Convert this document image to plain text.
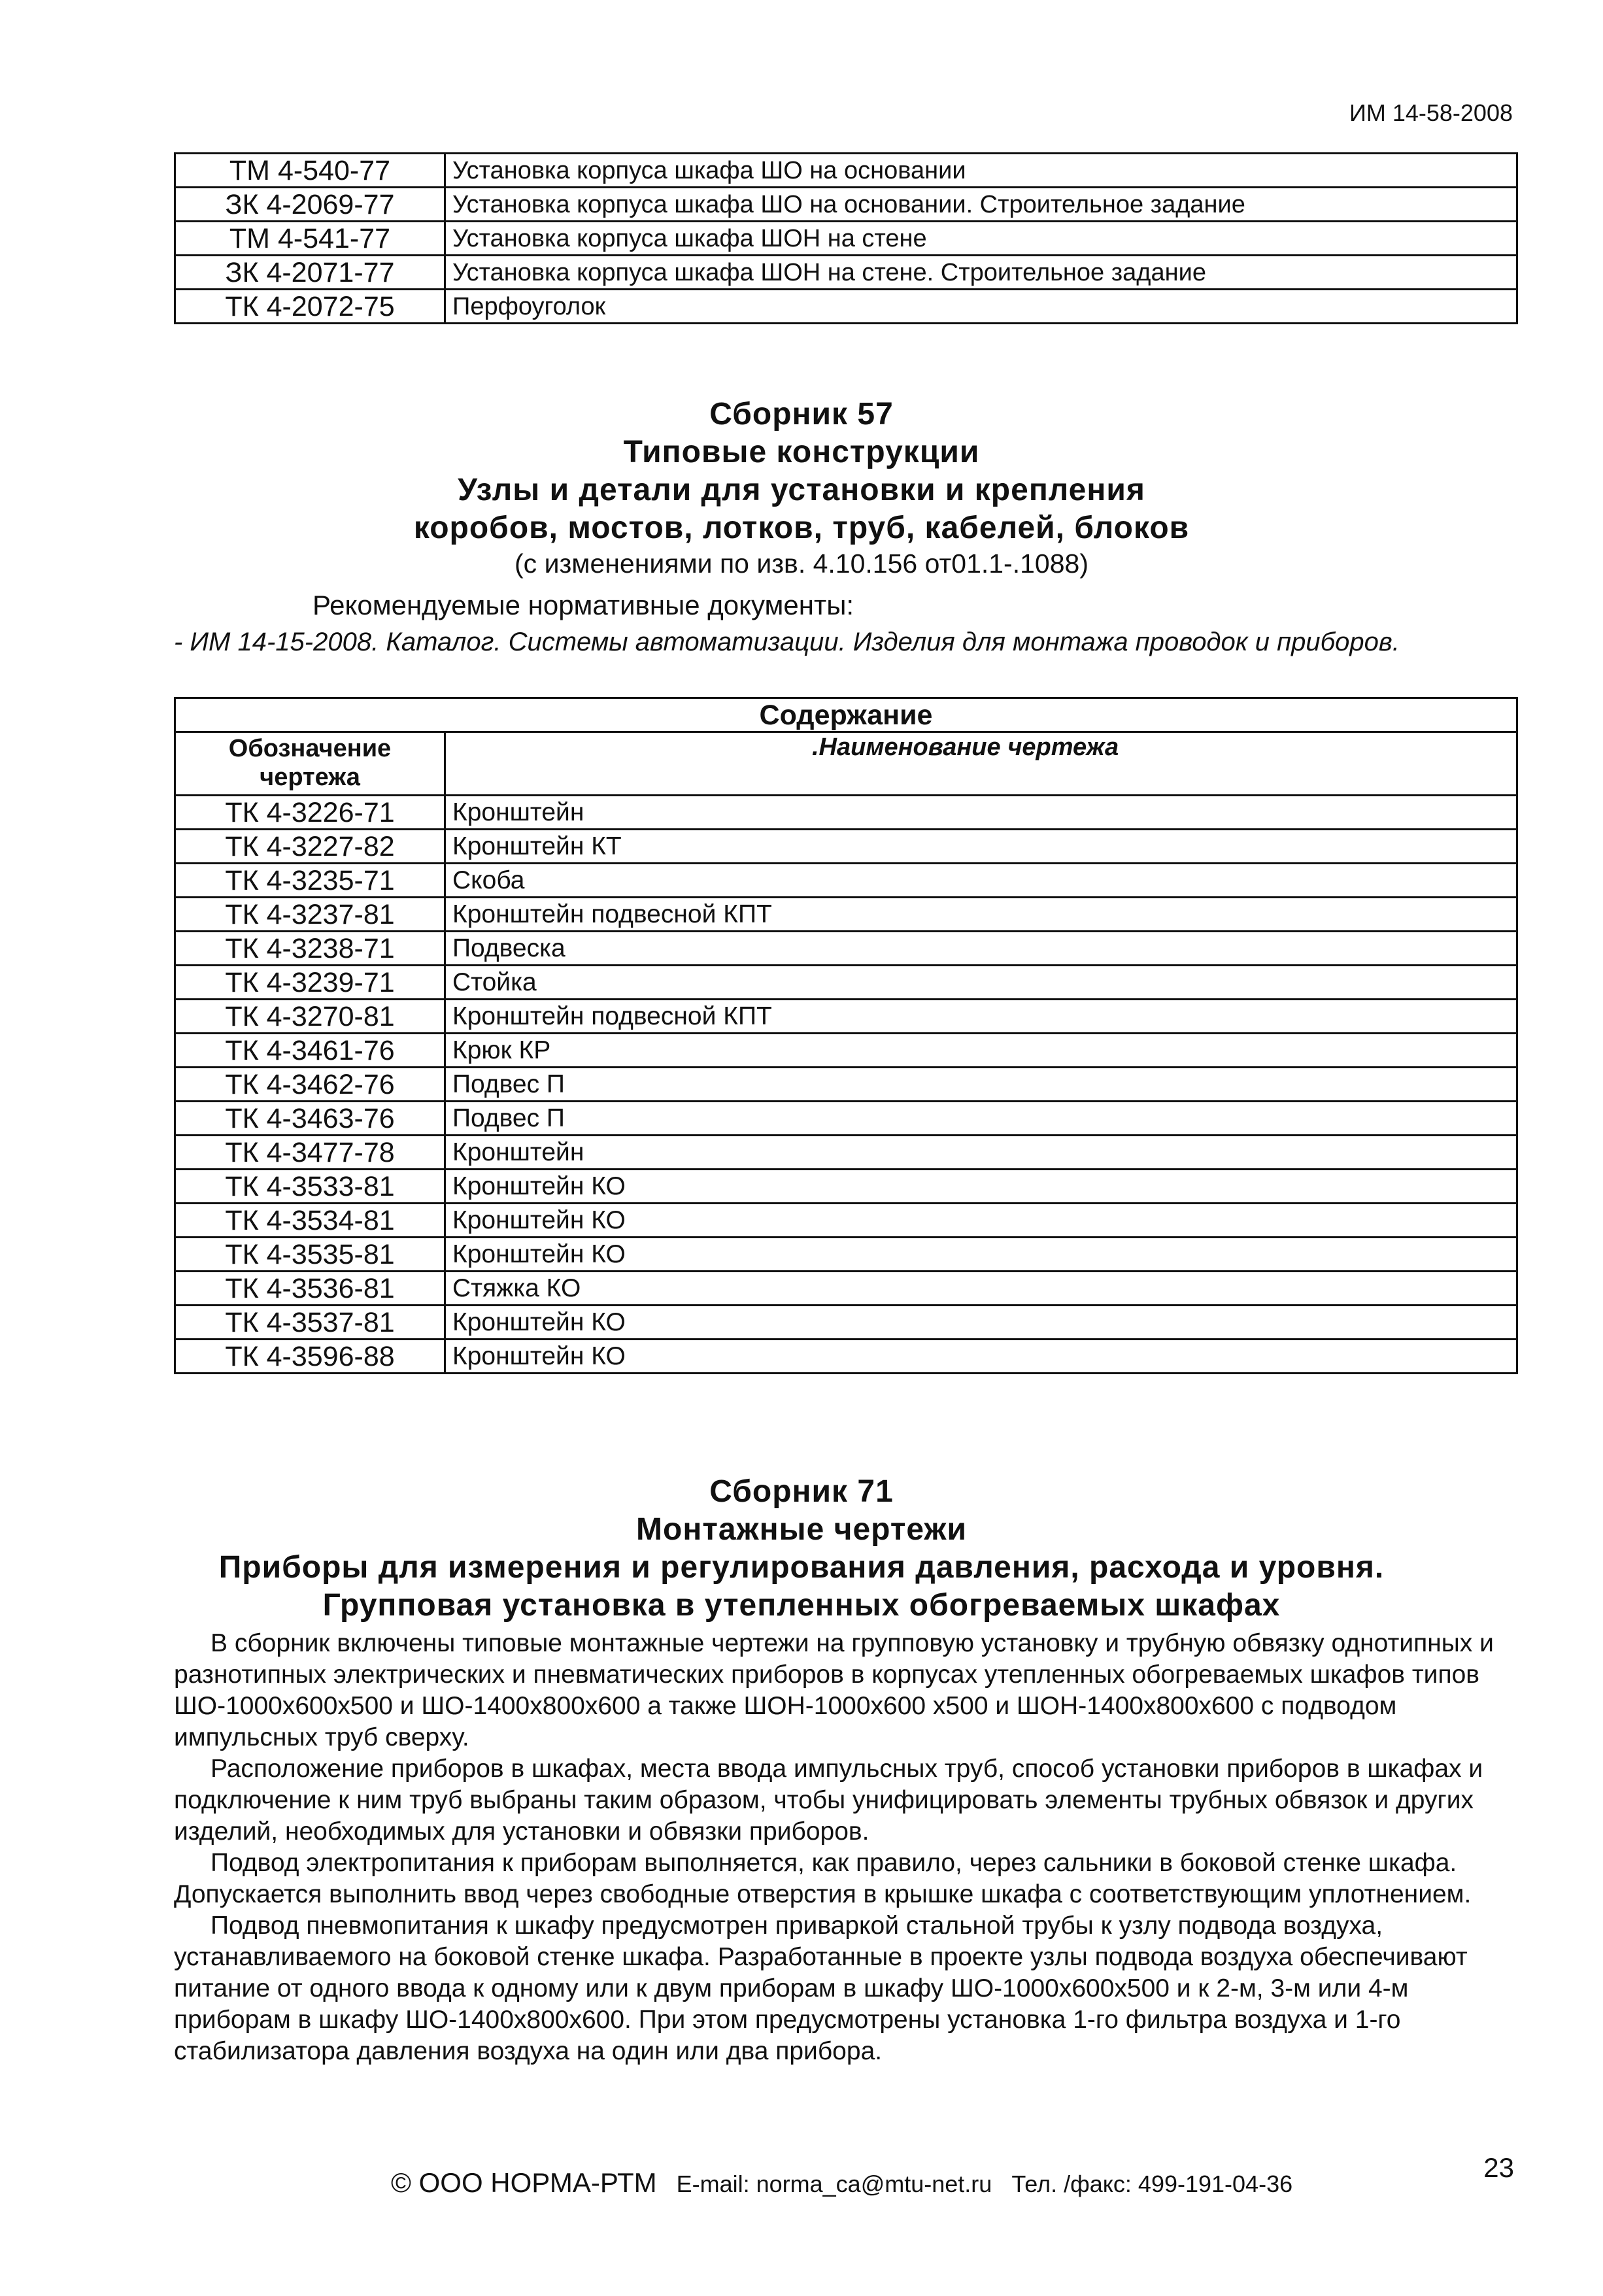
ИМ 14-58-2008
ТМ 4-540-77	Установка корпуса шкафа ШО на основании
ЗК 4-2069-77	Установка корпуса шкафа ШО на основании. Строительное задание
ТМ 4-541-77	Установка корпуса шкафа ШОН на стене
ЗК 4-2071-77	Установка корпуса шкафа ШОН на стене. Строительное задание
ТК 4-2072-75	Перфоуголок
Сборник 57
Типовые конструкции
Узлы и детали для установки и крепления
коробов, мостов, лотков, труб, кабелей, блоков
(с изменениями по изв. 4.10.156 от01.1-.1088)
Рекомендуемые нормативные документы:
- ИМ 14-15-2008. Каталог. Системы автоматизации. Изделия для монтажа проводок и приборов.
Содержание	
Обозначение чертежа	.Наименование чертежа
ТК 4-3226-71	Кронштейн
ТК 4-3227-82	Кронштейн КТ
ТК 4-3235-71	Скоба
ТК 4-3237-81	Кронштейн подвесной КПТ
ТК 4-3238-71	Подвеска
ТК 4-3239-71	Стойка
ТК 4-3270-81	Кронштейн подвесной КПТ
ТК 4-3461-76	Крюк КР
ТК 4-3462-76	Подвес П
ТК 4-3463-76	Подвес П
ТК 4-3477-78	Кронштейн
ТК 4-3533-81	Кронштейн КО
ТК 4-3534-81	Кронштейн КО
ТК 4-3535-81	Кронштейн КО
ТК 4-3536-81	Стяжка КО
ТК 4-3537-81	Кронштейн КО
ТК 4-3596-88	Кронштейн КО
Сборник 71
Монтажные чертежи
Приборы для измерения и регулирования давления, расхода и уровня.
Групповая установка в утепленных обогреваемых шкафах

В сборник включены типовые монтажные чертежи на групповую установку и трубную обвязку однотипных и разнотипных электрических и пневматических приборов в корпусах утепленных обогреваемых шкафов типов ШО-1000х600х500 и ШО-1400х800х600 а также ШОН-1000х600 х500 и ШОН-1400х800х600 с подводом импульсных труб сверху.

Расположение приборов в шкафах, места ввода импульсных труб, способ установки приборов в шкафах и подключение к ним труб выбраны таким образом, чтобы унифицировать элементы трубных обвязок и других изделий, необходимых для установки и обвязки приборов.

Подвод электропитания к приборам выполняется, как правило, через сальники в боковой стенке шкафа. Допускается выполнить ввод через свободные отверстия в крышке шкафа с соответствующим уплотнением.

Подвод пневмопитания к шкафу предусмотрен приваркой стальной трубы к узлу подвода воздуха, устанавливаемого на боковой стенке шкафа. Разработанные в проекте узлы подвода воздуха обеспечивают питание от одного ввода к одному или к двум приборам в шкафу ШО-1000х600х500 и к 2-м, 3-м или 4-м приборам в шкафу ШО-1400х800х600. При этом предусмотрены установка 1-го фильтра воздуха и 1-го стабилизатора давления воздуха на один или два прибора.

© ООО НОРМА-РТМ E-mail: norma_ca@mtu-net.ru Тел. /факс: 499-191-04-36
23
